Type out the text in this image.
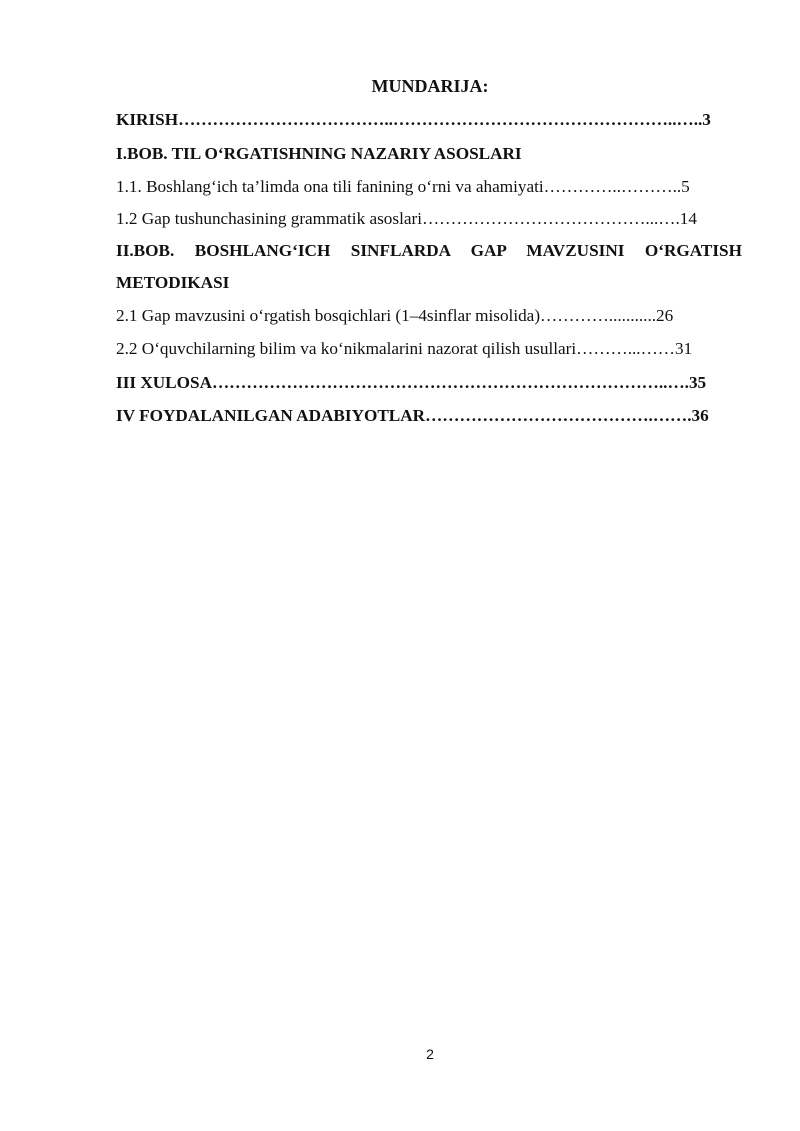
MUNDARIJA:
KIRISH………………………………..…………………………………………..…..3
I.BOB. TIL O‘RGATISHNING NAZARIY ASOSLARI
1.1. Boshlang‘ich ta’limda ona tili fanining o‘rni va ahamiyati…………..………..5
1.2 Gap tushunchasining grammatik asoslari…………………………………...….14
II.BOB. BOSHLANG‘ICH SINFLARDA GAP MAVZUSINI O‘RGATISH
METODIKASI
2.1 Gap mavzusini o‘rgatish bosqichlari (1–4sinflar misolida)…………...........26
2.2 O‘quvchilarning bilim va ko‘nikmalarini nazorat qilish usullari………...……31
III XULOSA……………………………………………………………………..….35
IV FOYDALANILGAN ADABIYOTLAR………………………………….…….36
2
